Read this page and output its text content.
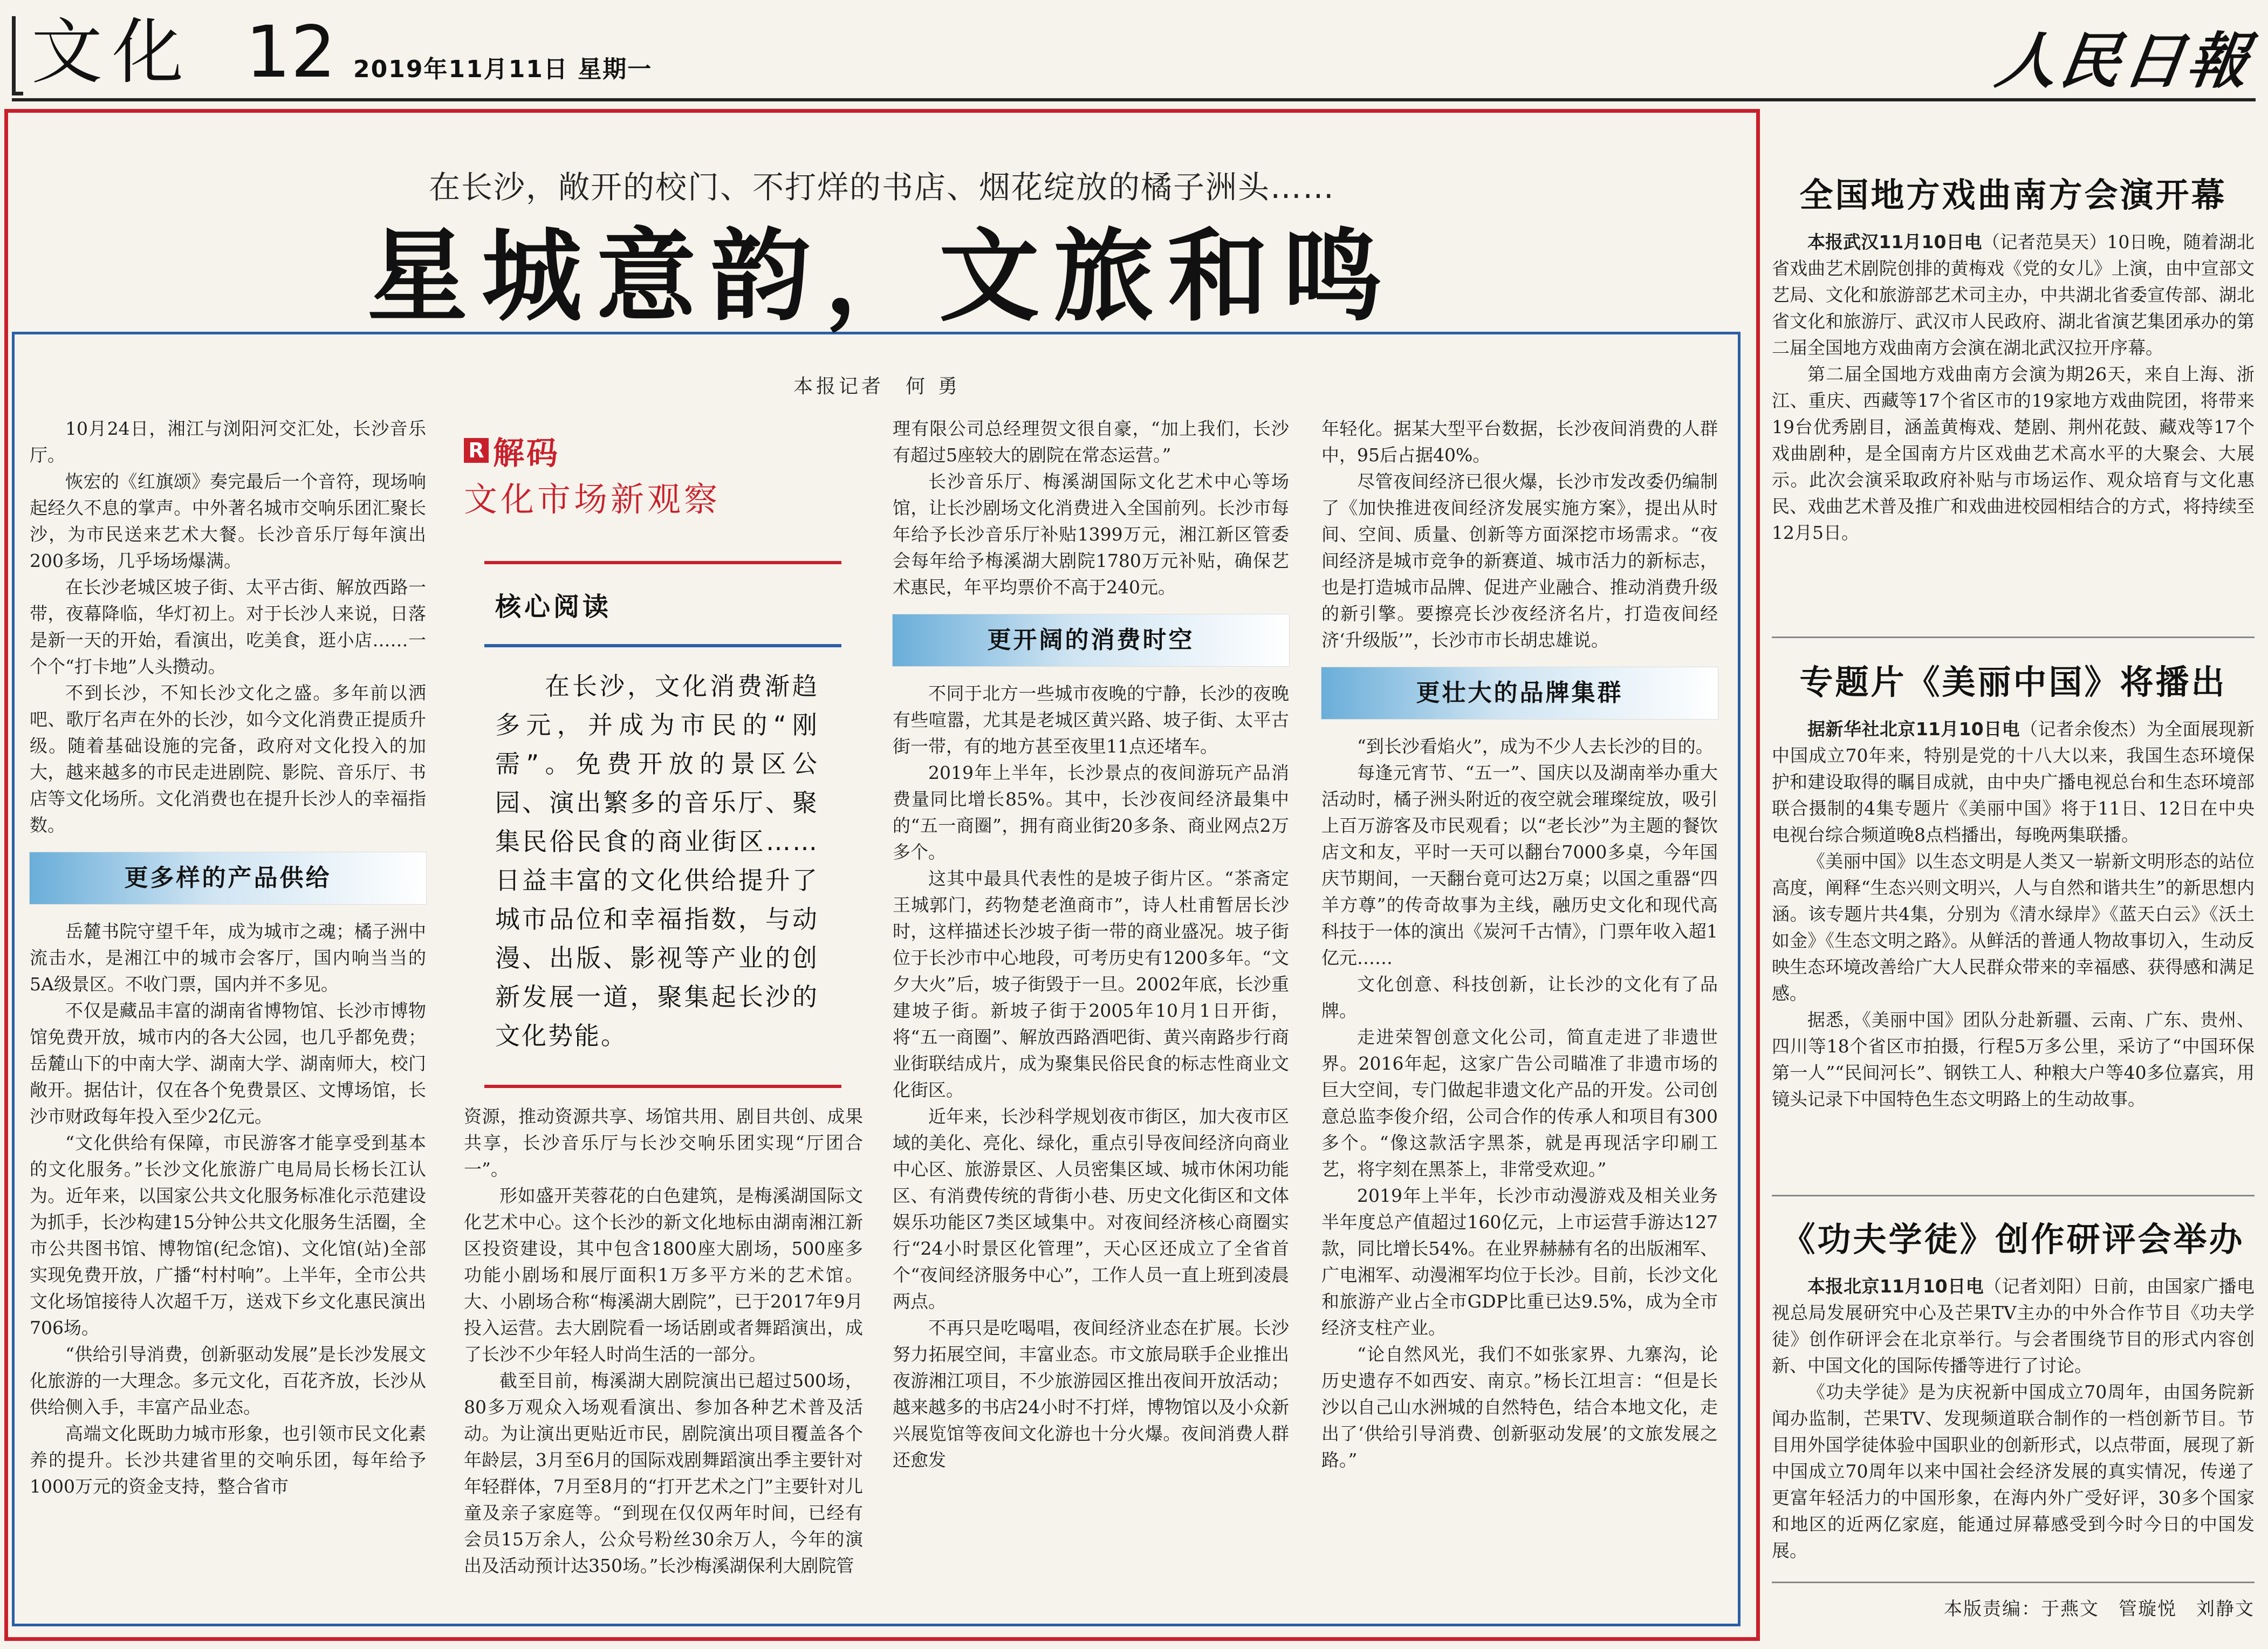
文化 12 2019年11月11日 星期一	人民日報
在长沙，敞开的校门、不打烊的书店、烟花绽放的橘子洲头……
星城意韵，文旅和鸣
本报记者 何勇

10月24日，湘江与浏阳河交汇处，长沙音乐厅。

恢宏的《红旗颂》奏完最后一个音符，现场响起经久不息的掌声。中外著名城市交响乐团汇聚长沙，为市民送来艺术大餐。长沙音乐厅每年演出200多场，几乎场场爆满。

在长沙老城区坡子街、太平古街、解放西路一带，夜幕降临，华灯初上。对于长沙人来说，日落是新一天的开始，看演出，吃美食，逛小店……一个个“打卡地”人头攒动。

不到长沙，不知长沙文化之盛。多年前以洒吧、歌厅名声在外的长沙，如今文化消费正提质升级。随着基础设施的完备，政府对文化投入的加大，越来越多的市民走进剧院、影院、音乐厅、书店等文化场所。文化消费也在提升长沙人的幸福指数。

更多样的产品供给

岳麓书院守望千年，成为城市之魂；橘子洲中流击水，是湘江中的城市会客厅，国内响当当的5A级景区。不收门票，国内并不多见。

不仅是藏品丰富的湖南省博物馆、长沙市博物馆免费开放，城市内的各大公园，也几乎都免费；岳麓山下的中南大学、湖南大学、湖南师大，校门敞开。据估计，仅在各个免费景区、文博场馆，长沙市财政每年投入至少2亿元。

“文化供给有保障，市民游客才能享受到基本的文化服务。”长沙文化旅游广电局局长杨长江认为。近年来，以国家公共文化服务标准化示范建设为抓手，长沙构建15分钟公共文化服务生活圈，全市公共图书馆、博物馆(纪念馆)、文化馆(站)全部实现免费开放，广播“村村响”。上半年，全市公共文化场馆接待人次超千万，送戏下乡文化惠民演出706场。

“供给引导消费，创新驱动发展”是长沙发展文化旅游的一大理念。多元文化，百花齐放，长沙从供给侧入手，丰富产品业态。

高端文化既助力城市形象，也引领市民文化素养的提升。长沙共建省里的交响乐团，每年给予1000万元的资金支持，整合省市

R 解码
文化市场新观察
核心阅读
在长沙，文化消费渐趋多元，并成为市民的“刚需”。免费开放的景区公园、演出繁多的音乐厅、聚集民俗民食的商业街区……日益丰富的文化供给提升了城市品位和幸福指数，与动漫、出版、影视等产业的创新发展一道，聚集起长沙的文化势能。

资源，推动资源共享、场馆共用、剧目共创、成果共享，长沙音乐厅与长沙交响乐团实现“厅团合一”。

形如盛开芙蓉花的白色建筑，是梅溪湖国际文化艺术中心。这个长沙的新文化地标由湖南湘江新区投资建设，其中包含1800座大剧场，500座多功能小剧场和展厅面积1万多平方米的艺术馆。大、小剧场合称“梅溪湖大剧院”，已于2017年9月投入运营。去大剧院看一场话剧或者舞蹈演出，成了长沙不少年轻人时尚生活的一部分。

截至目前，梅溪湖大剧院演出已超过500场，80多万观众入场观看演出、参加各种艺术普及活动。为让演出更贴近市民，剧院演出项目覆盖各个年龄层，3月至6月的国际戏剧舞蹈演出季主要针对年轻群体，7月至8月的“打开艺术之门”主要针对儿童及亲子家庭等。“到现在仅仅两年时间，已经有会员15万余人，公众号粉丝30余万人，今年的演出及活动预计达350场。”长沙梅溪湖保利大剧院管

理有限公司总经理贺文很自豪，“加上我们，长沙有超过5座较大的剧院在常态运营。”

长沙音乐厅、梅溪湖国际文化艺术中心等场馆，让长沙剧场文化消费进入全国前列。长沙市每年给予长沙音乐厅补贴1399万元，湘江新区管委会每年给予梅溪湖大剧院1780万元补贴，确保艺术惠民，年平均票价不高于240元。

更开阔的消费时空

不同于北方一些城市夜晚的宁静，长沙的夜晚有些喧嚣，尤其是老城区黄兴路、坡子街、太平古街一带，有的地方甚至夜里11点还堵车。

2019年上半年，长沙景点的夜间游玩产品消费量同比增长85%。其中，长沙夜间经济最集中的“五一商圈”，拥有商业街20多条、商业网点2万多个。

这其中最具代表性的是坡子街片区。“茶斋定王城郭门，药物楚老渔商市”，诗人杜甫暂居长沙时，这样描述长沙坡子街一带的商业盛况。坡子街位于长沙市中心地段，可考历史有1200多年。“文夕大火”后，坡子街毁于一旦。2002年底，长沙重建坡子街。新坡子街于2005年10月1日开街，将“五一商圈”、解放西路酒吧街、黄兴南路步行商业街联结成片，成为聚集民俗民食的标志性商业文化街区。

近年来，长沙科学规划夜市街区，加大夜市区域的美化、亮化、绿化，重点引导夜间经济向商业中心区、旅游景区、人员密集区域、城市休闲功能区、有消费传统的背街小巷、历史文化街区和文体娱乐功能区7类区域集中。对夜间经济核心商圈实行“24小时景区化管理”，天心区还成立了全省首个“夜间经济服务中心”，工作人员一直上班到凌晨两点。

不再只是吃喝唱，夜间经济业态在扩展。长沙努力拓展空间，丰富业态。市文旅局联手企业推出夜游湘江项目，不少旅游园区推出夜间开放活动；越来越多的书店24小时不打烊，博物馆以及小众新兴展览馆等夜间文化游也十分火爆。夜间消费人群还愈发

年轻化。据某大型平台数据，长沙夜间消费的人群中，95后占据40%。

尽管夜间经济已很火爆，长沙市发改委仍编制了《加快推进夜间经济发展实施方案》，提出从时间、空间、质量、创新等方面深挖市场需求。“夜间经济是城市竞争的新赛道、城市活力的新标志，也是打造城市品牌、促进产业融合、推动消费升级的新引擎。要擦亮长沙夜经济名片，打造夜间经济‘升级版’”，长沙市市长胡忠雄说。

更壮大的品牌集群

“到长沙看焰火”，成为不少人去长沙的目的。

每逢元宵节、“五一”、国庆以及湖南举办重大活动时，橘子洲头附近的夜空就会璀璨绽放，吸引上百万游客及市民观看；以“老长沙”为主题的餐饮店文和友，平时一天可以翻台7000多桌，今年国庆节期间，一天翻台竟可达2万桌；以国之重器“四羊方尊”的传奇故事为主线，融历史文化和现代高科技于一体的演出《炭河千古情》，门票年收入超1亿元……

文化创意、科技创新，让长沙的文化有了品牌。

走进荣智创意文化公司，简直走进了非遗世界。2016年起，这家广告公司瞄准了非遗市场的巨大空间，专门做起非遗文化产品的开发。公司创意总监李俊介绍，公司合作的传承人和项目有300多个。“像这款活字黑茶，就是再现活字印刷工艺，将字刻在黑茶上，非常受欢迎。”

2019年上半年，长沙市动漫游戏及相关业务半年度总产值超过160亿元，上市运营手游达127款，同比增长54%。在业界赫赫有名的出版湘军、广电湘军、动漫湘军均位于长沙。目前，长沙文化和旅游产业占全市GDP比重已达9.5%，成为全市经济支柱产业。

“论自然风光，我们不如张家界、九寨沟，论历史遗存不如西安、南京。”杨长江坦言：“但是长沙以自己山水洲城的自然特色，结合本地文化，走出了‘供给引导消费、创新驱动发展’的文旅发展之路。”

全国地方戏曲南方会演开幕

本报武汉11月10日电（记者范昊天）10日晚，随着湖北省戏曲艺术剧院创排的黄梅戏《党的女儿》上演，由中宣部文艺局、文化和旅游部艺术司主办，中共湖北省委宣传部、湖北省文化和旅游厅、武汉市人民政府、湖北省演艺集团承办的第二届全国地方戏曲南方会演在湖北武汉拉开序幕。

第二届全国地方戏曲南方会演为期26天，来自上海、浙江、重庆、西藏等17个省区市的19家地方戏曲院团，将带来19台优秀剧目，涵盖黄梅戏、楚剧、荆州花鼓、藏戏等17个戏曲剧种，是全国南方片区戏曲艺术高水平的大聚会、大展示。此次会演采取政府补贴与市场运作、观众培育与文化惠民、戏曲艺术普及推广和戏曲进校园相结合的方式，将持续至12月5日。

专题片《美丽中国》将播出

据新华社北京11月10日电（记者余俊杰）为全面展现新中国成立70年来，特别是党的十八大以来，我国生态环境保护和建设取得的瞩目成就，由中央广播电视总台和生态环境部联合摄制的4集专题片《美丽中国》将于11日、12日在中央电视台综合频道晚8点档播出，每晚两集联播。

《美丽中国》以生态文明是人类又一崭新文明形态的站位高度，阐释“生态兴则文明兴，人与自然和谐共生”的新思想内涵。该专题片共4集，分别为《清水绿岸》《蓝天白云》《沃土如金》《生态文明之路》。从鲜活的普通人物故事切入，生动反映生态环境改善给广大人民群众带来的幸福感、获得感和满足感。

据悉，《美丽中国》团队分赴新疆、云南、广东、贵州、四川等18个省区市拍摄，行程5万多公里，采访了“中国环保第一人”“民间河长”、钢铁工人、种粮大户等40多位嘉宾，用镜头记录下中国特色生态文明路上的生动故事。

《功夫学徒》创作研评会举办

本报北京11月10日电（记者刘阳）日前，由国家广播电视总局发展研究中心及芒果TV主办的中外合作节目《功夫学徒》创作研评会在北京举行。与会者围绕节目的形式内容创新、中国文化的国际传播等进行了讨论。

《功夫学徒》是为庆祝新中国成立70周年，由国务院新闻办监制，芒果TV、发现频道联合制作的一档创新节目。节目用外国学徒体验中国职业的创新形式，以点带面，展现了新中国成立70周年以来中国社会经济发展的真实情况，传递了更富年轻活力的中国形象，在海内外广受好评，30多个国家和地区的近两亿家庭，能通过屏幕感受到今时今日的中国发展。

本版责编：于燕文　管璇悦　刘静文
